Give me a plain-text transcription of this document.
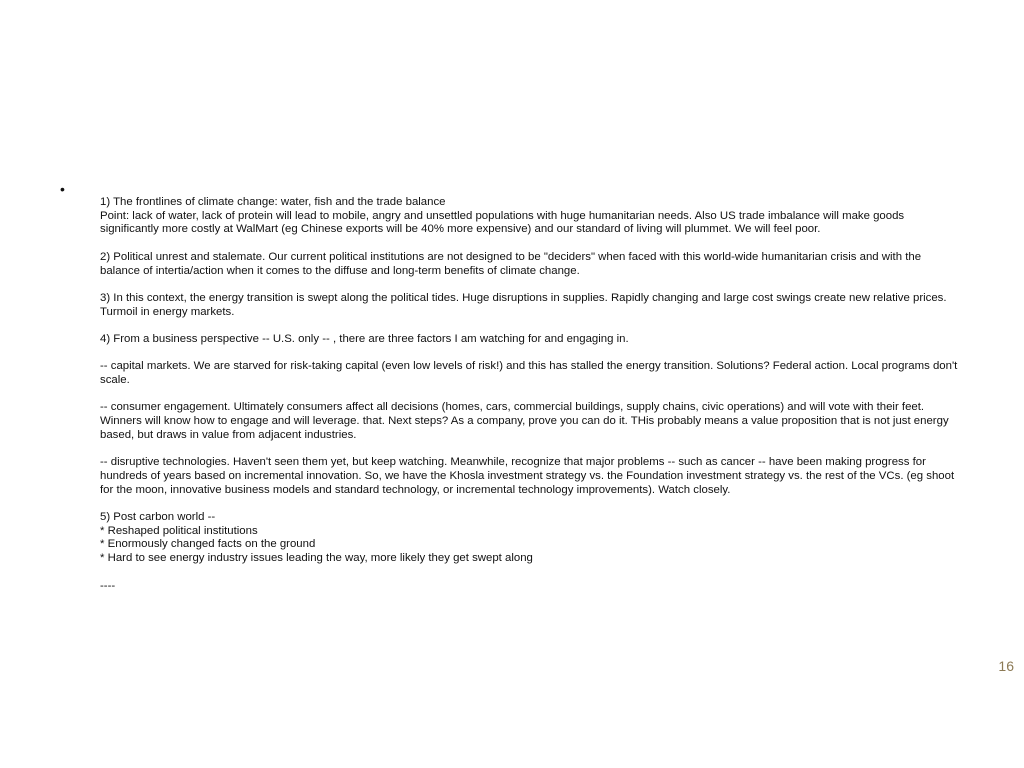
•

1) The frontlines of climate change: water, fish and the trade balance
Point: lack of water, lack of protein will lead to mobile, angry and unsettled populations with huge humanitarian needs. Also US trade imbalance will make goods significantly more costly at WalMart (eg Chinese exports will be 40% more expensive) and our standard of living will plummet. We will feel poor.

2) Political unrest and stalemate. Our current political institutions are not designed to be "deciders" when faced with this world-wide humanitarian crisis and with the balance of intertia/action when it comes to the diffuse and long-term benefits of climate change.

3) In this context, the energy transition is swept along the political tides. Huge disruptions in supplies. Rapidly changing and large cost swings create new relative prices. Turmoil in energy markets.

4) From a business perspective -- U.S. only -- , there are three factors I am watching for and engaging in.

-- capital markets. We are starved for risk-taking capital (even low levels of risk!) and this has stalled the energy transition. Solutions? Federal action. Local programs don't scale.

-- consumer engagement. Ultimately consumers affect all decisions (homes, cars, commercial buildings, supply chains, civic operations) and will vote with their feet. Winners will know how to engage and will leverage. that. Next steps? As a company, prove you can do it. THis probably means a value proposition that is not just energy based, but draws in value from adjacent industries.

-- disruptive technologies. Haven't seen them yet, but keep watching. Meanwhile, recognize that major problems -- such as cancer -- have been making progress for hundreds of years based on incremental innovation. So, we have the Khosla investment strategy vs. the Foundation investment strategy vs. the rest of the VCs. (eg shoot for the moon, innovative business models and standard technology, or incremental technology improvements). Watch closely.

5) Post carbon world --
* Reshaped political institutions
* Enormously changed facts on the ground
* Hard to see energy industry issues leading the way, more likely they get swept along

----

16
